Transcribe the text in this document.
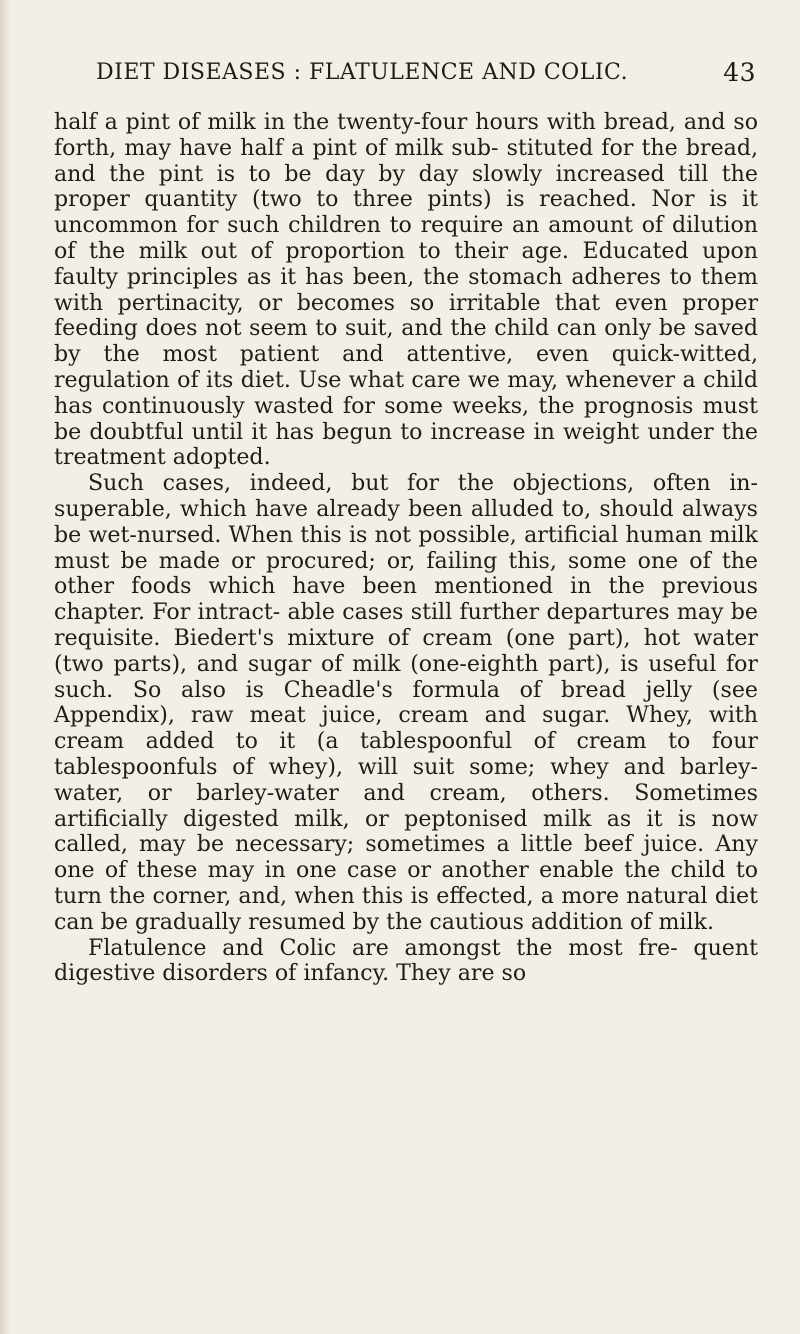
DIET DISEASES : FLATULENCE AND COLIC.	43

half a pint of milk in the twenty-four hours with bread, and so forth, may have half a pint of milk sub- stituted for the bread, and the pint is to be day by day slowly increased till the proper quantity (two to three pints) is reached. Nor is it uncommon for such children to require an amount of dilution of the milk out of proportion to their age. Educated upon faulty principles as it has been, the stomach adheres to them with pertinacity, or becomes so irritable that even proper feeding does not seem to suit, and the child can only be saved by the most patient and attentive, even quick-witted, regulation of its diet. Use what care we may, whenever a child has continuously wasted for some weeks, the prognosis must be doubtful until it has begun to increase in weight under the treatment adopted.

Such cases, indeed, but for the objections, often in- superable, which have already been alluded to, should always be wet-nursed. When this is not possible, artificial human milk must be made or procured; or, failing this, some one of the other foods which have been mentioned in the previous chapter. For intract- able cases still further departures may be requisite. Biedert's mixture of cream (one part), hot water (two parts), and sugar of milk (one-eighth part), is useful for such. So also is Cheadle's formula of bread jelly (see Appendix), raw meat juice, cream and sugar. Whey, with cream added to it (a tablespoonful of cream to four tablespoonfuls of whey), will suit some; whey and barley-water, or barley-water and cream, others. Sometimes artificially digested milk, or peptonised milk as it is now called, may be necessary; sometimes a little beef juice. Any one of these may in one case or another enable the child to turn the corner, and, when this is effected, a more natural diet can be gradually resumed by the cautious addition of milk.

Flatulence and Colic are amongst the most fre- quent digestive disorders of infancy. They are so
